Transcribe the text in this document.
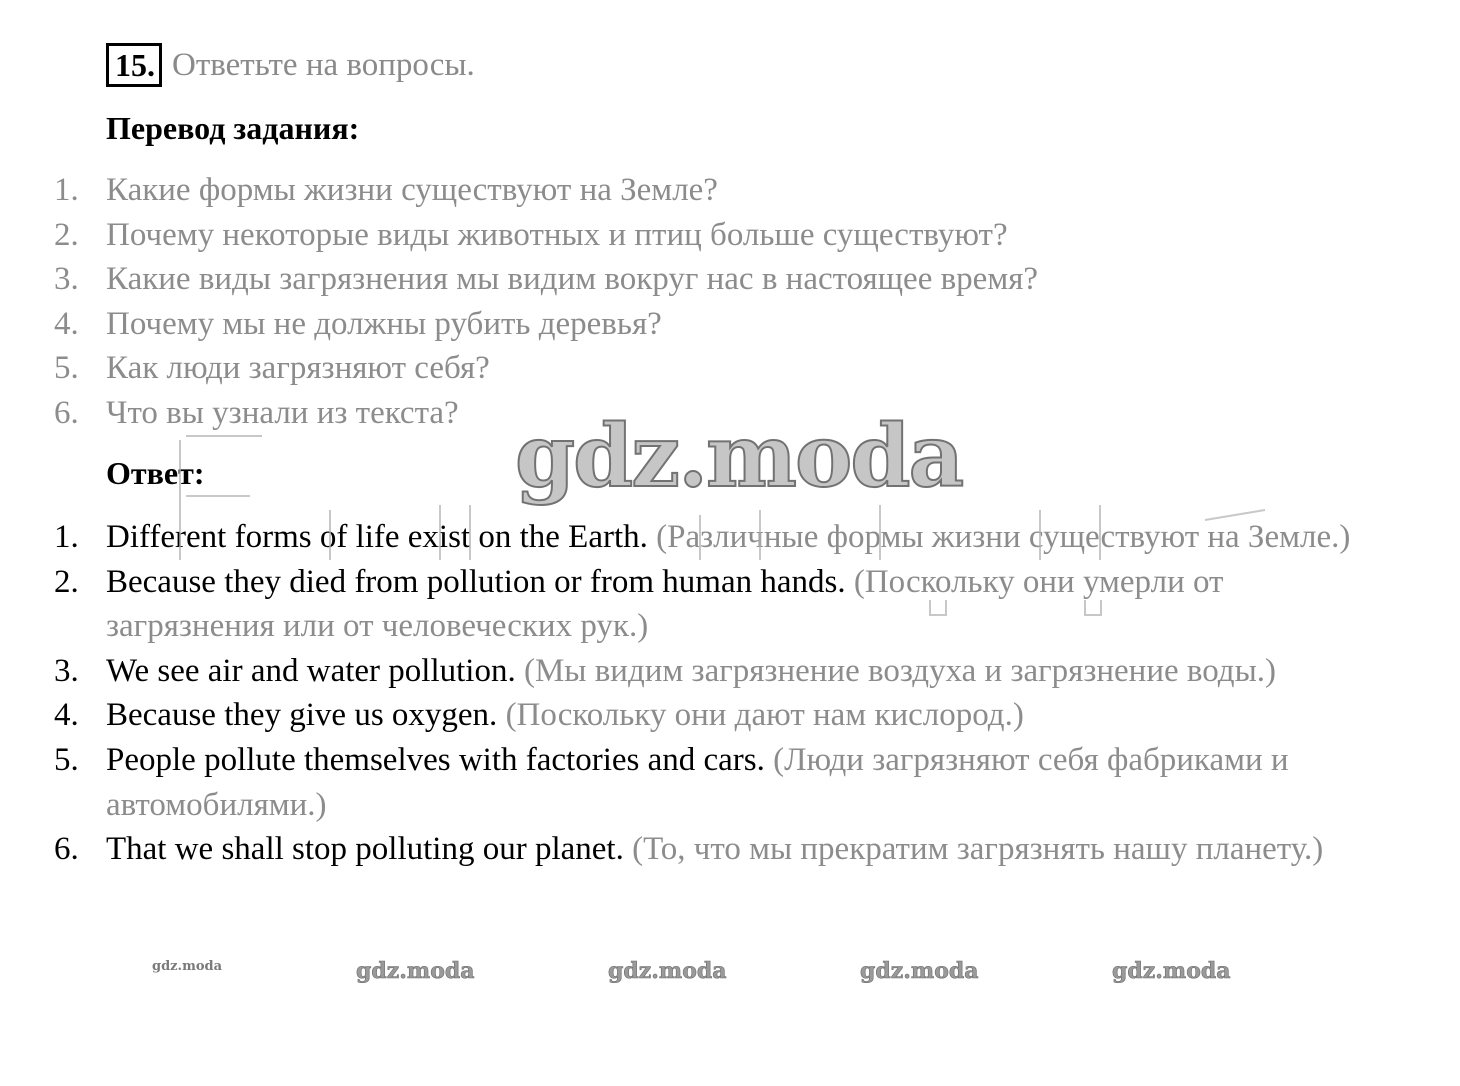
15. Ответьте на вопросы.
Перевод задания:
1. Какие формы жизни существуют на Земле?
2. Почему некоторые виды животных и птиц больше существуют?
3. Какие виды загрязнения мы видим вокруг нас в настоящее время?
4. Почему мы не должны рубить деревья?
5. Как люди загрязняют себя?
6. Что вы узнали из текста?
Ответ:
1. Different forms of life exist on the Earth. (Различные формы жизни существуют на Земле.)
2. Because they died from pollution or from human hands. (Поскольку они умерли от загрязнения или от человеческих рук.)
3. We see air and water pollution. (Мы видим загрязнение воздуха и загрязнение воды.)
4. Because they give us oxygen. (Поскольку они дают нам кислород.)
5. People pollute themselves with factories and cars. (Люди загрязняют себя фабриками и автомобилями.)
6. That we shall stop polluting our planet. (То, что мы прекратим загрязнять нашу планету.)
gdz.moda
gdz.moda	gdz.moda	gdz.moda	gdz.moda	gdz.moda
